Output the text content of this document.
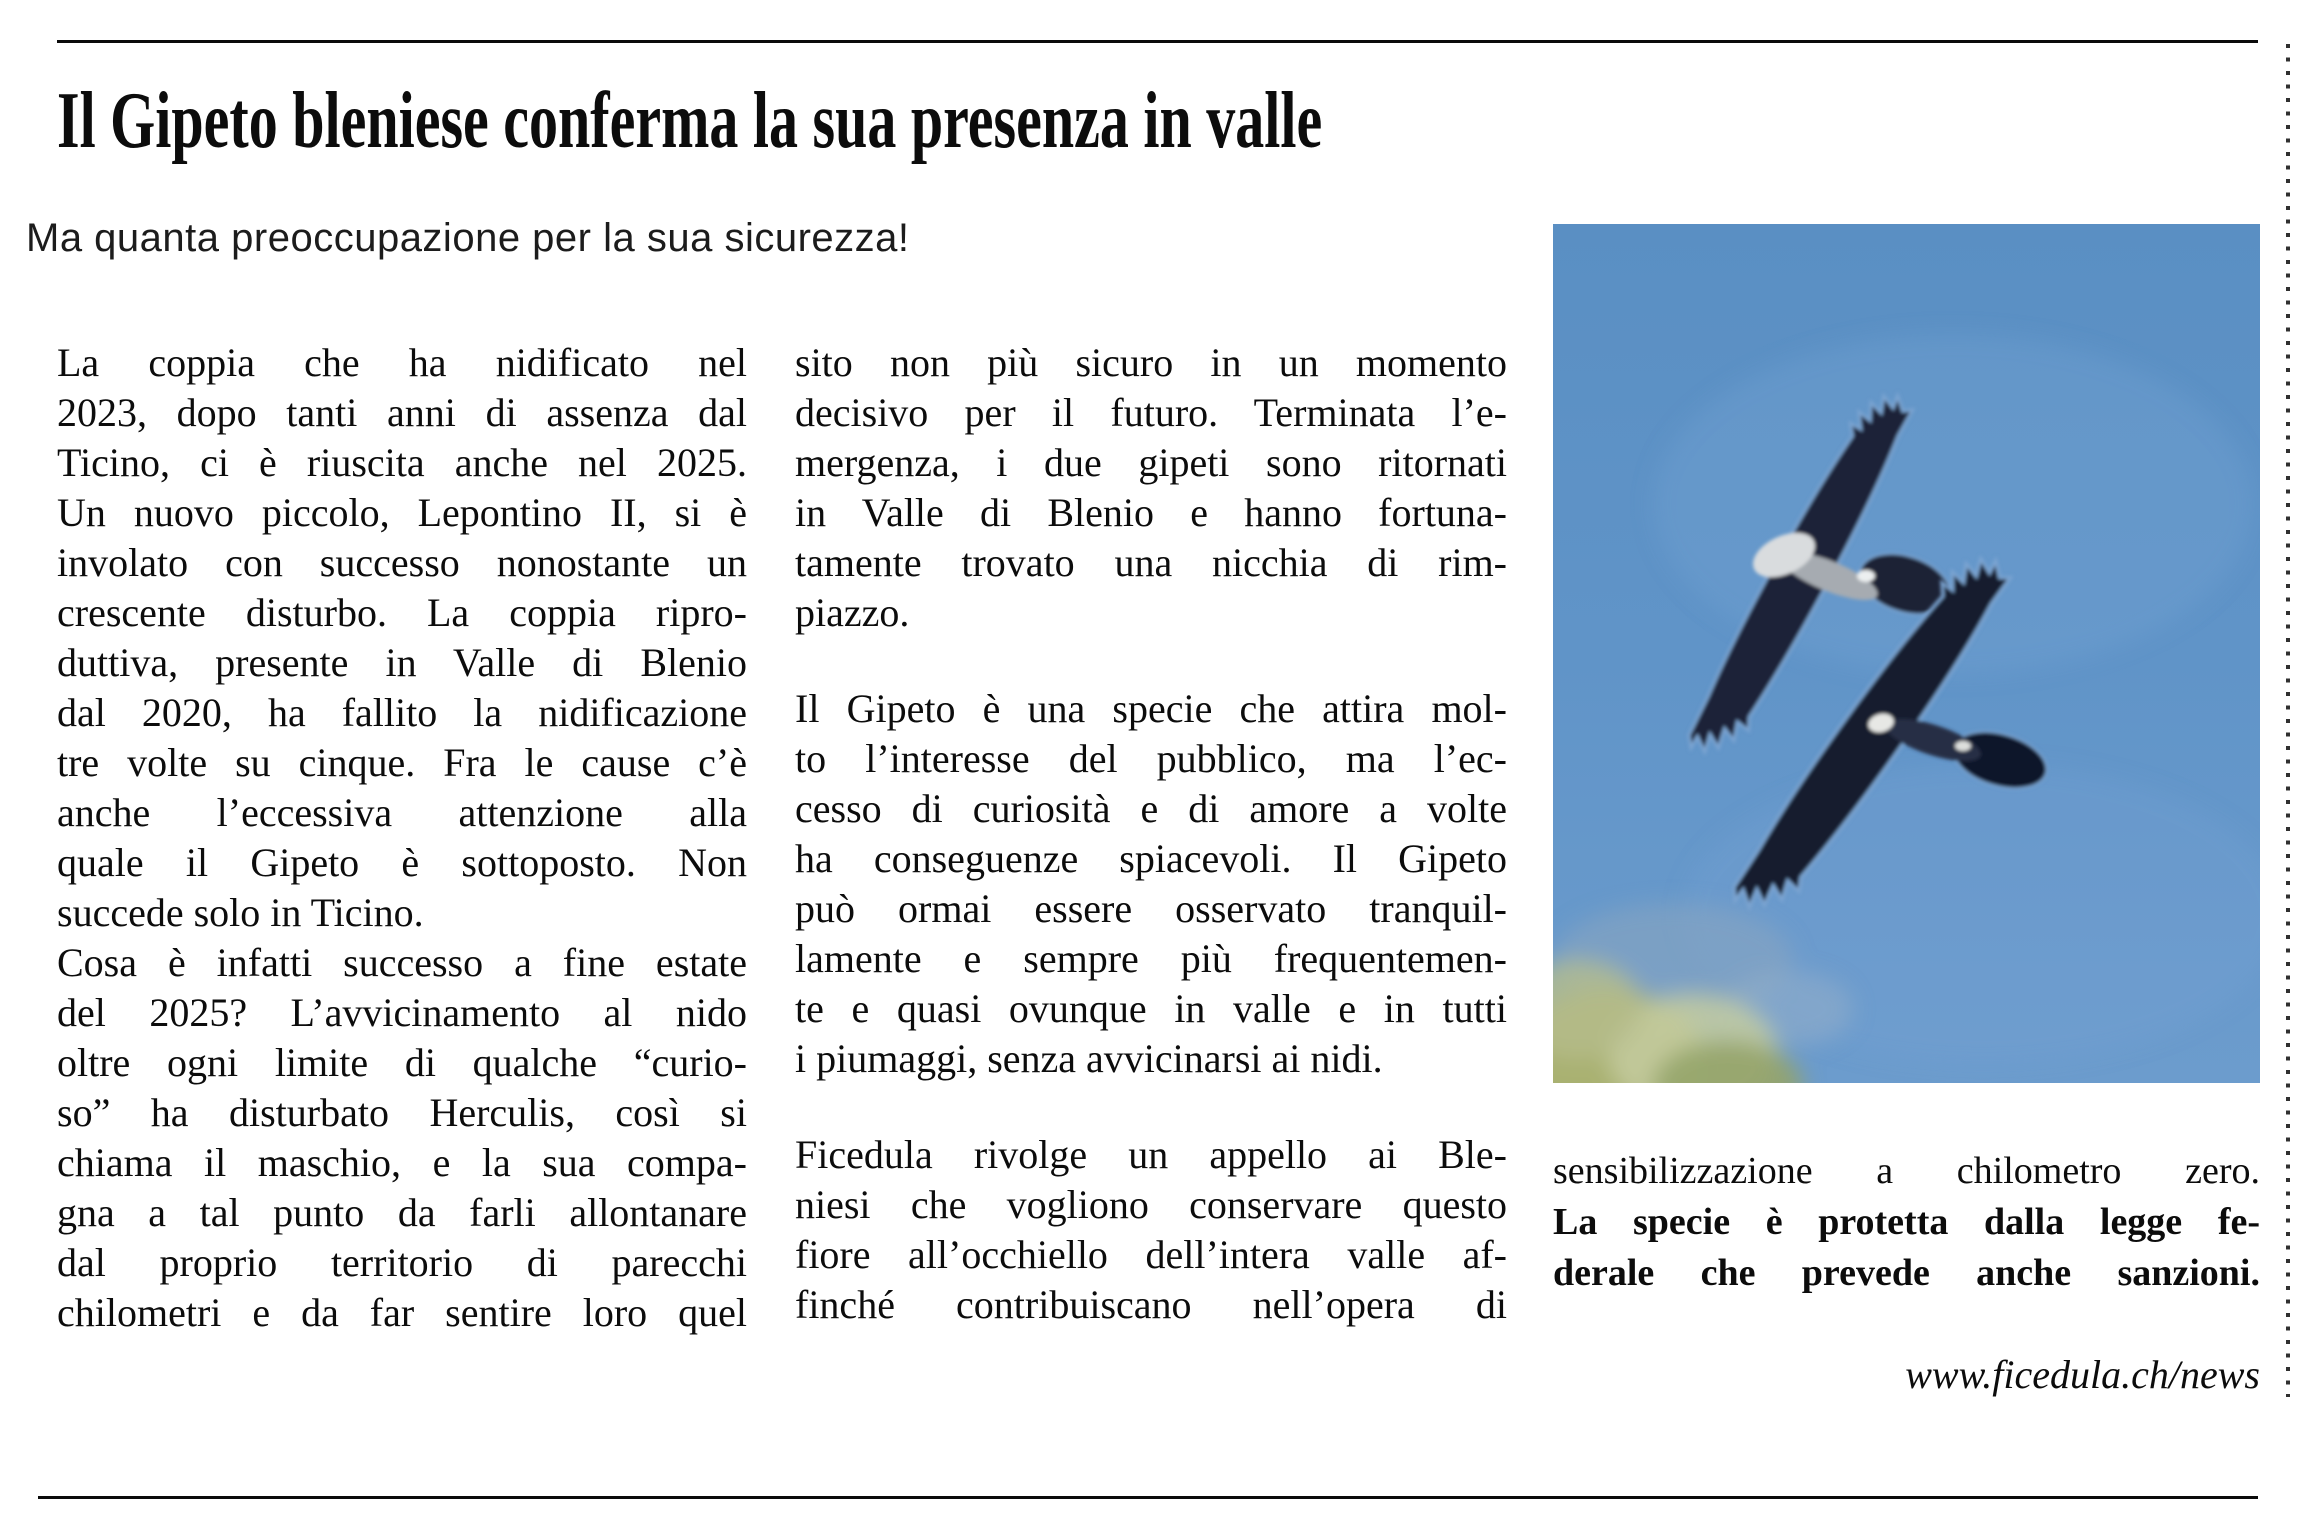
Il Gipeto bleniese conferma la sua presenza in valle
Ma quanta preoccupazione per la sua sicurezza!
La coppia che ha nidificato nel
2023, dopo tanti anni di assenza dal
Ticino, ci è riuscita anche nel 2025.
Un nuovo piccolo, Lepontino II, si è
involato con successo nonostante un
crescente disturbo. La coppia ripro-
duttiva, presente in Valle di Blenio
dal 2020, ha fallito la nidificazione
tre volte su cinque. Fra le cause c’è
anche l’eccessiva attenzione alla
quale il Gipeto è sottoposto. Non
succede solo in Ticino.
Cosa è infatti successo a fine estate
del 2025? L’avvicinamento al nido
oltre ogni limite di qualche “curio-
so” ha disturbato Herculis, così si
chiama il maschio, e la sua compa-
gna a tal punto da farli allontanare
dal proprio territorio di parecchi
chilometri e da far sentire loro quel
sito non più sicuro in un momento
decisivo per il futuro. Terminata l’e-
mergenza, i due gipeti sono ritornati
in Valle di Blenio e hanno fortuna-
tamente trovato una nicchia di rim-
piazzo.
Il Gipeto è una specie che attira mol-
to l’interesse del pubblico, ma l’ec-
cesso di curiosità e di amore a volte
ha conseguenze spiacevoli. Il Gipeto
può ormai essere osservato tranquil-
lamente e sempre più frequentemen-
te e quasi ovunque in valle e in tutti
i piumaggi, senza avvicinarsi ai nidi.
Ficedula rivolge un appello ai Ble-
niesi che vogliono conservare questo
fiore all’occhiello dell’intera valle af-
finché contribuiscano nell’opera di
sensibilizzazione a chilometro zero.
La specie è protetta dalla legge fe-
derale che prevede anche sanzioni.
www.ficedula.ch/news
